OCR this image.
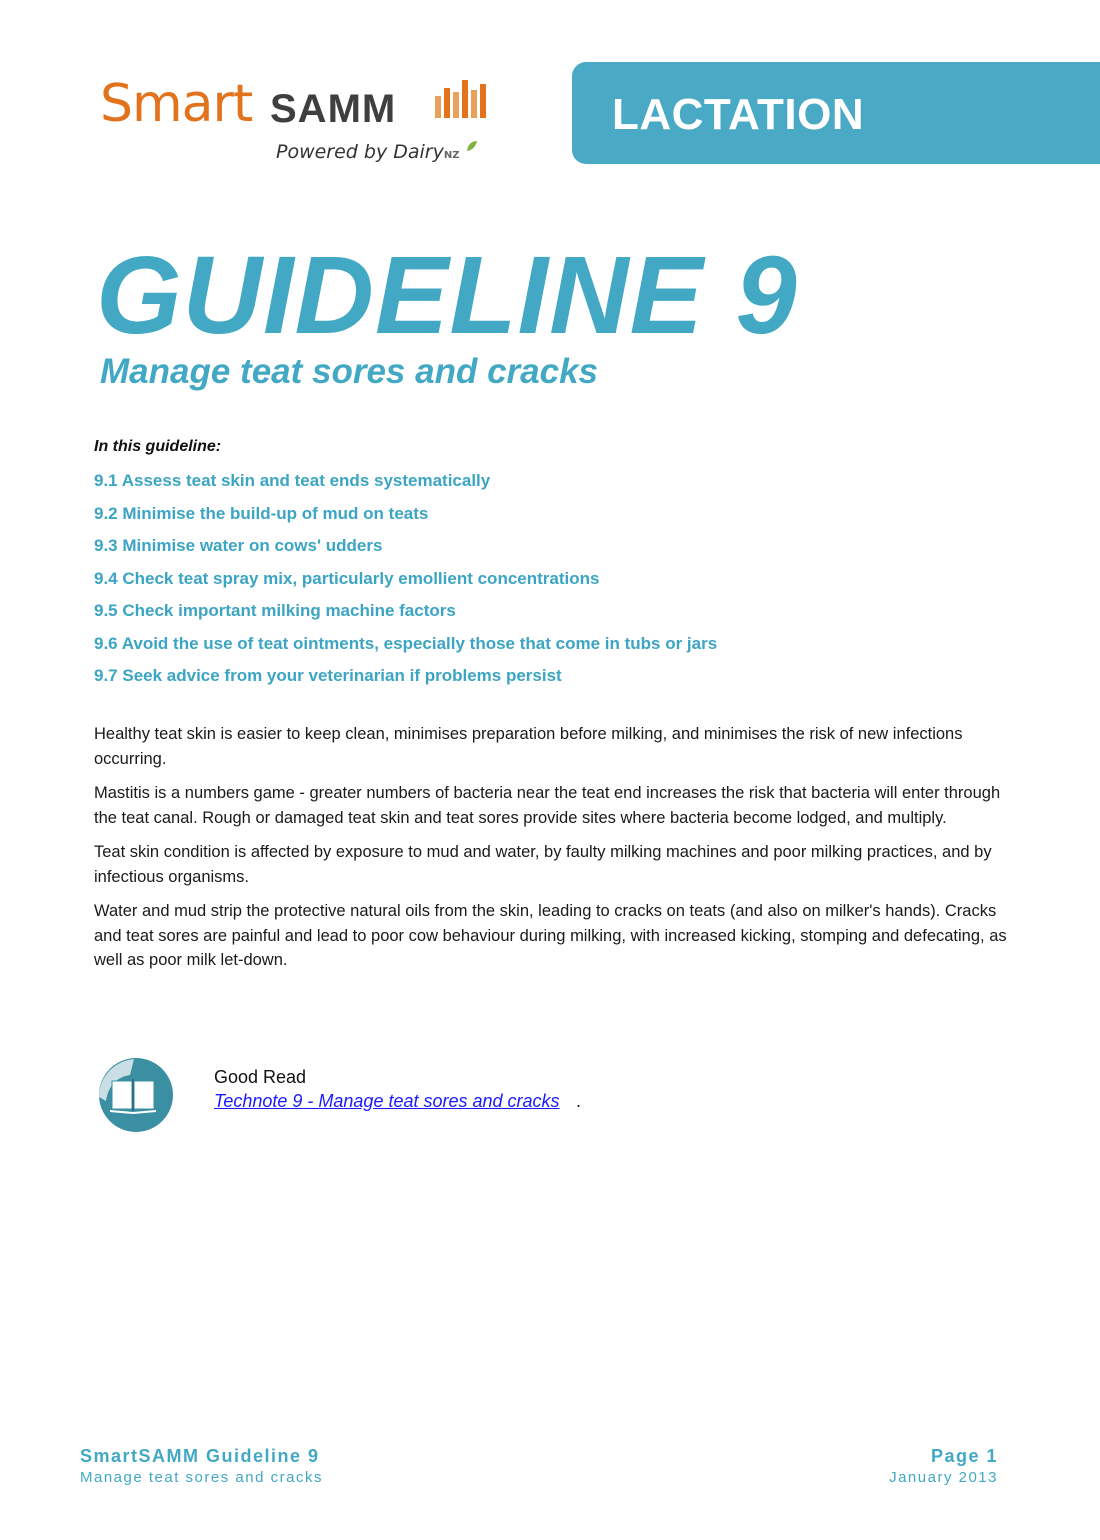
Smart SAMM
Powered by DairyNZ
LACTATION
GUIDELINE 9
Manage teat sores and cracks
In this guideline:
9.1 Assess teat skin and teat ends systematically
9.2 Minimise the build-up of mud on teats
9.3 Minimise water on cows' udders
9.4 Check teat spray mix, particularly emollient concentrations
9.5 Check important milking machine factors
9.6 Avoid the use of teat ointments, especially those that come in tubs or jars
9.7 Seek advice from your veterinarian if problems persist

Healthy teat skin is easier to keep clean, minimises preparation before milking, and minimises the risk of new infections occurring.

Mastitis is a numbers game - greater numbers of bacteria near the teat end increases the risk that bacteria will enter through the teat canal. Rough or damaged teat skin and teat sores provide sites where bacteria become lodged, and multiply.

Teat skin condition is affected by exposure to mud and water, by faulty milking machines and poor milking practices, and by infectious organisms.

Water and mud strip the protective natural oils from the skin, leading to cracks on teats (and also on milker's hands). Cracks and teat sores are painful and lead to poor cow behaviour during milking, with increased kicking, stomping and defecating, as well as poor milk let-down.

Good Read
Technote 9 - Manage teat sores and cracks .
SmartSAMM Guideline 9
Manage teat sores and cracks
Page 1
January 2013
